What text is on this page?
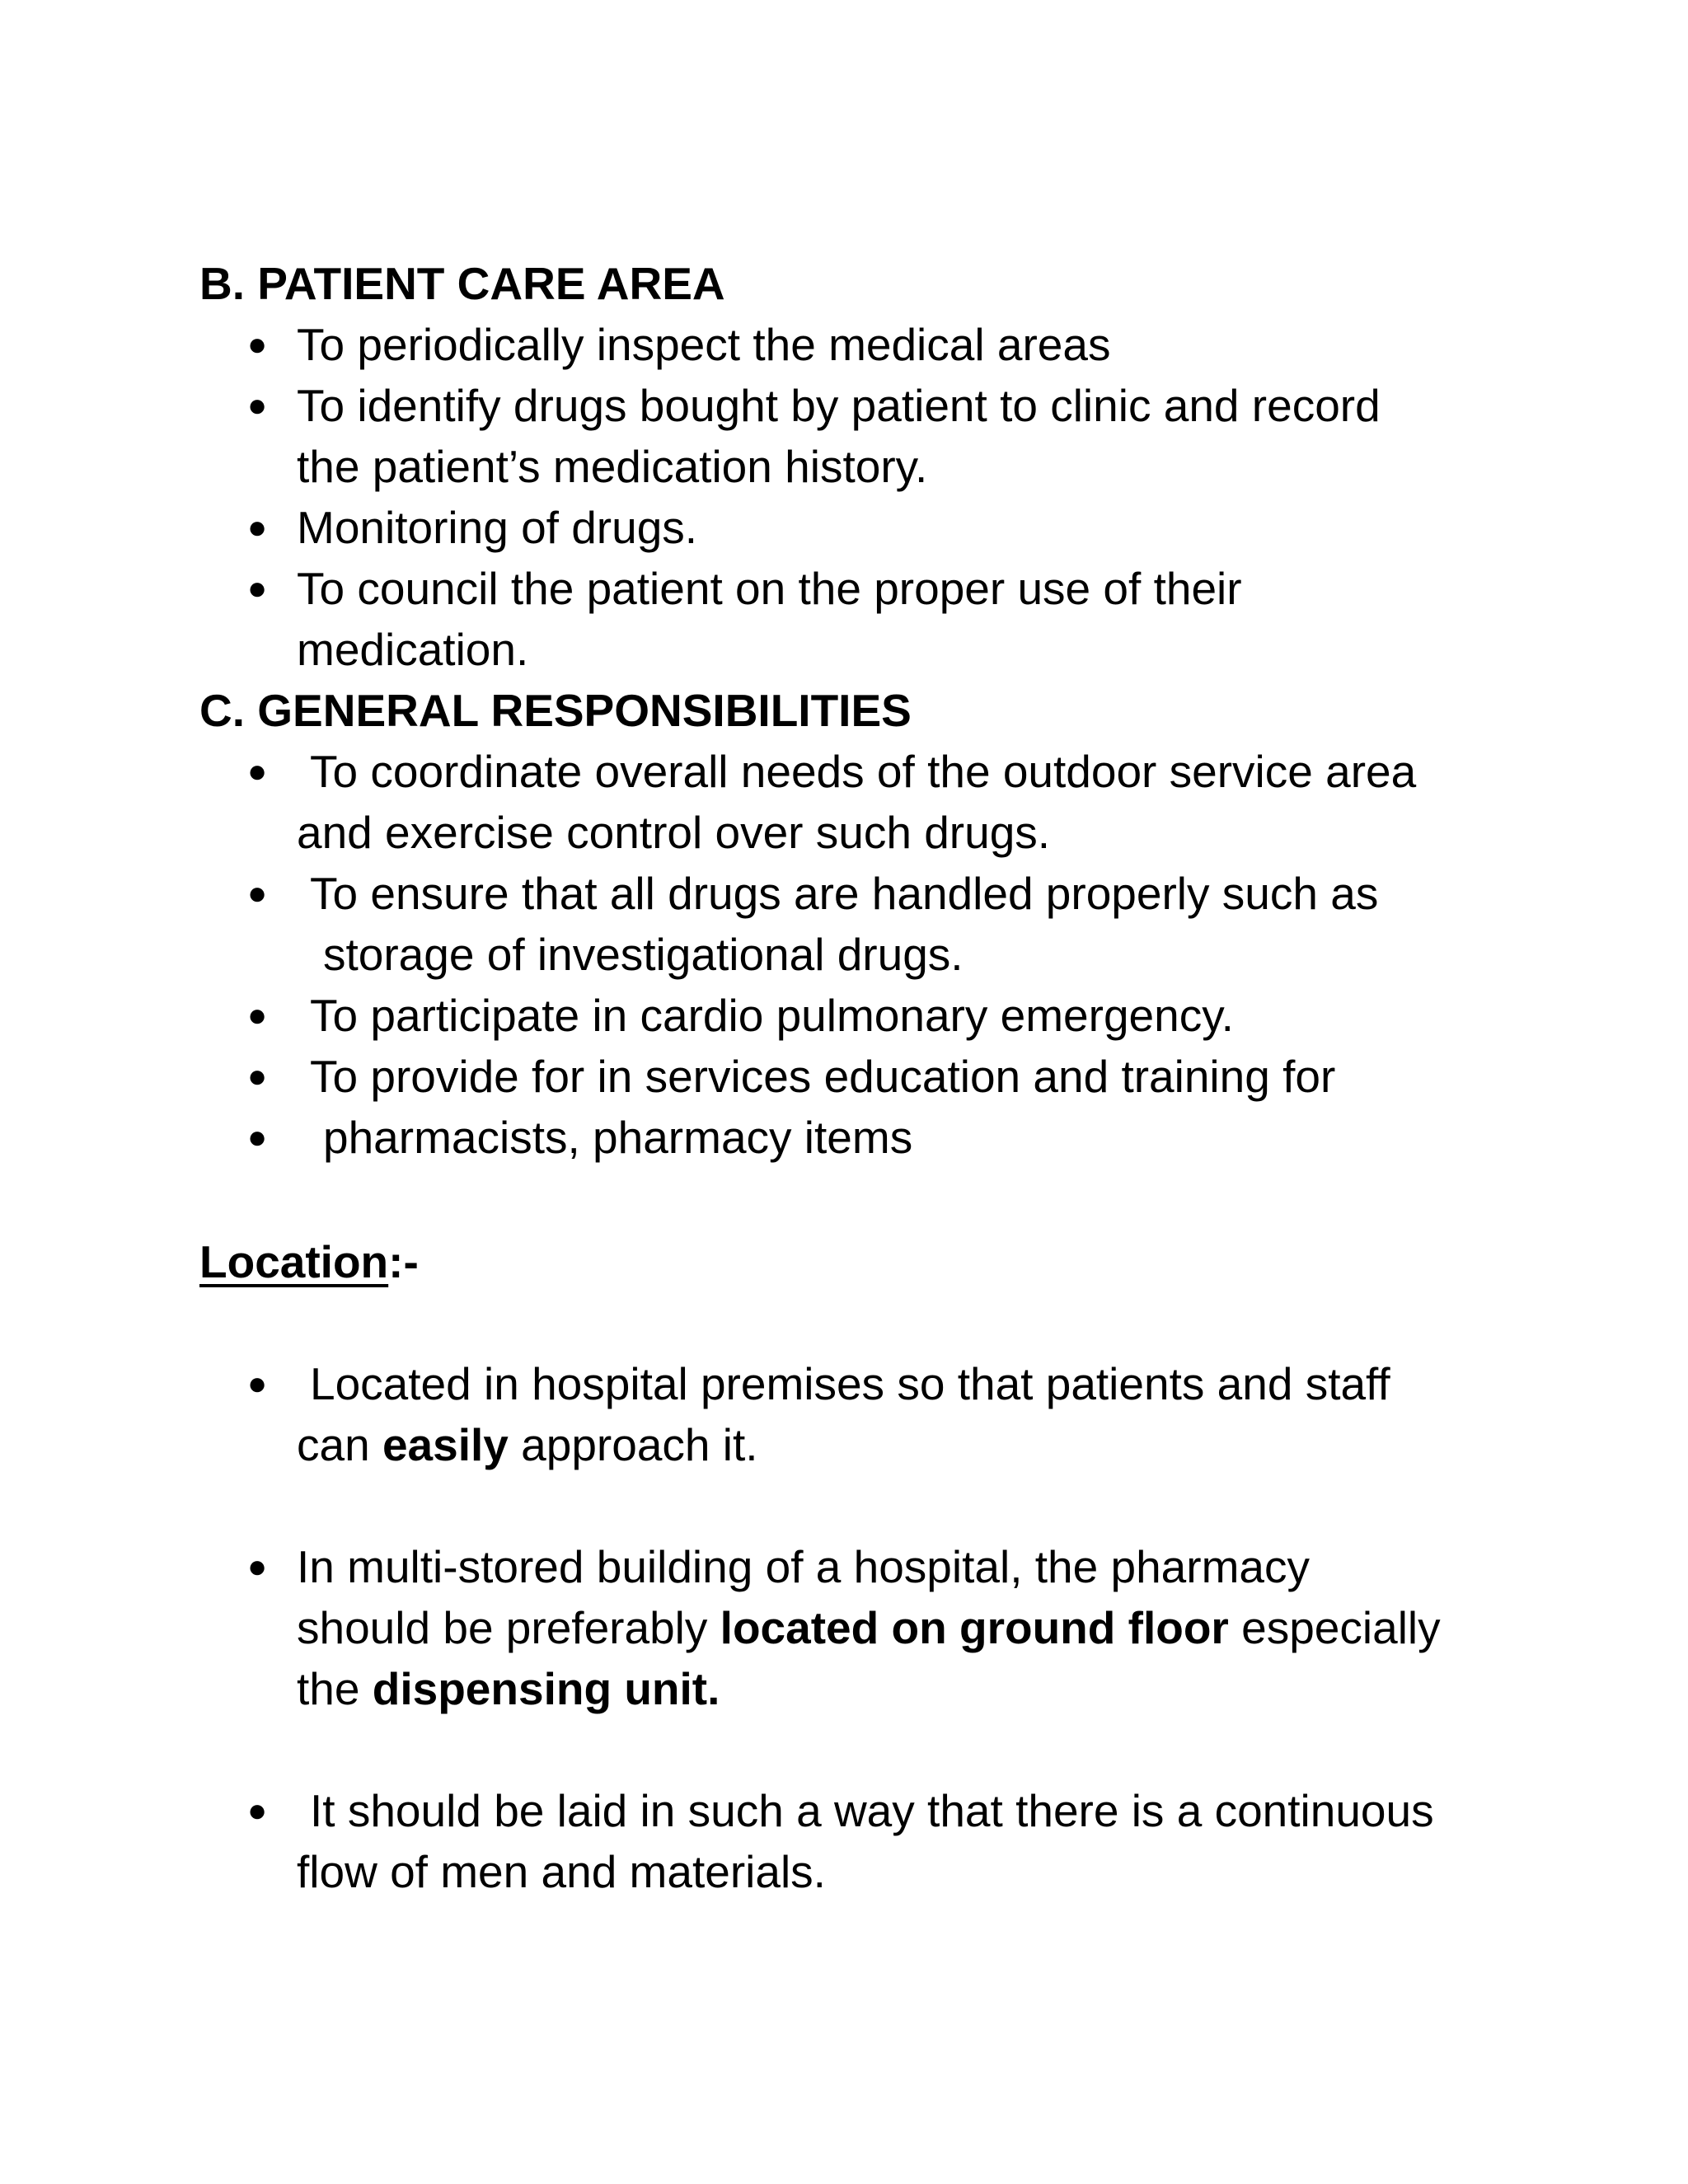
B. PATIENT CARE AREA
● To periodically inspect the medical areas
● To identify drugs bought by patient to clinic and record
the patient’s medication history.
● Monitoring of drugs.
● To council the patient on the proper use of their
medication.
C. GENERAL RESPONSIBILITIES
● To coordinate overall needs of the outdoor service area
and exercise control over such drugs.
● To ensure that all drugs are handled properly such as
storage of investigational drugs.
● To participate in cardio pulmonary emergency.
● To provide for in services education and training for
● pharmacists, pharmacy items
Location:-
● Located in hospital premises so that patients and staff
can easily approach it.
● In multi-stored building of a hospital, the pharmacy
should be preferably located on ground floor especially
the dispensing unit.
● It should be laid in such a way that there is a continuous
flow of men and materials.
